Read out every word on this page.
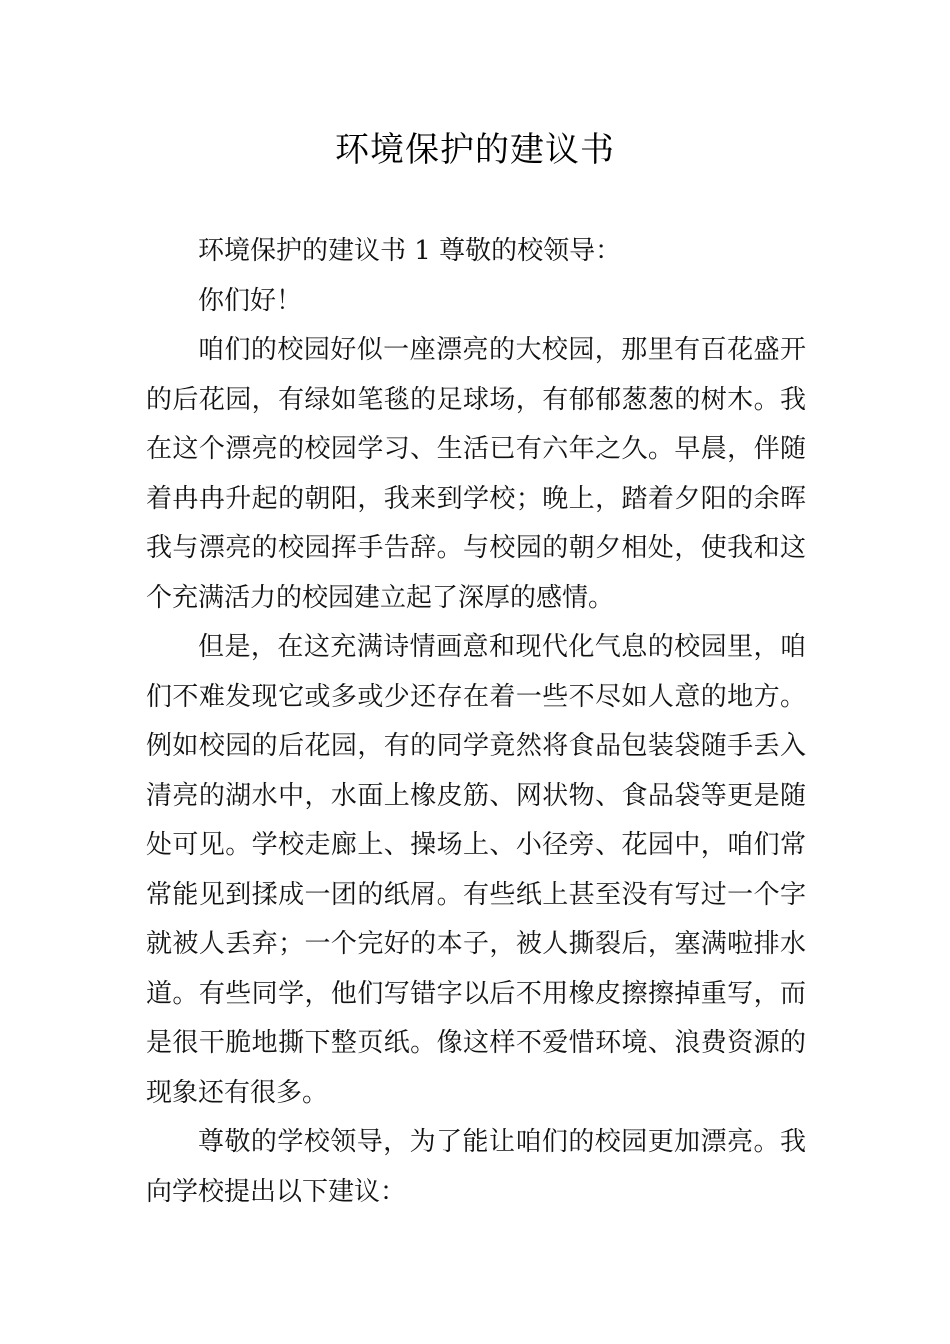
环境保护的建议书

环境保护的建议书 1 尊敬的校领导：

你们好！

咱们的校园好似一座漂亮的大校园，那里有百花盛开的后花园，有绿如笔毯的足球场，有郁郁葱葱的树木。我在这个漂亮的校园学习、生活已有六年之久。早晨，伴随着冉冉升起的朝阳，我来到学校；晚上，踏着夕阳的余晖我与漂亮的校园挥手告辞。与校园的朝夕相处，使我和这个充满活力的校园建立起了深厚的感情。

但是，在这充满诗情画意和现代化气息的校园里，咱们不难发现它或多或少还存在着一些不尽如人意的地方。例如校园的后花园，有的同学竟然将食品包装袋随手丢入清亮的湖水中，水面上橡皮筋、网状物、食品袋等更是随处可见。学校走廊上、操场上、小径旁、花园中，咱们常常能见到揉成一团的纸屑。有些纸上甚至没有写过一个字就被人丢弃；一个完好的本子，被人撕裂后，塞满啦排水道。有些同学，他们写错字以后不用橡皮擦擦掉重写，而是很干脆地撕下整页纸。像这样不爱惜环境、浪费资源的现象还有很多。

尊敬的学校领导，为了能让咱们的校园更加漂亮。我向学校提出以下建议：
